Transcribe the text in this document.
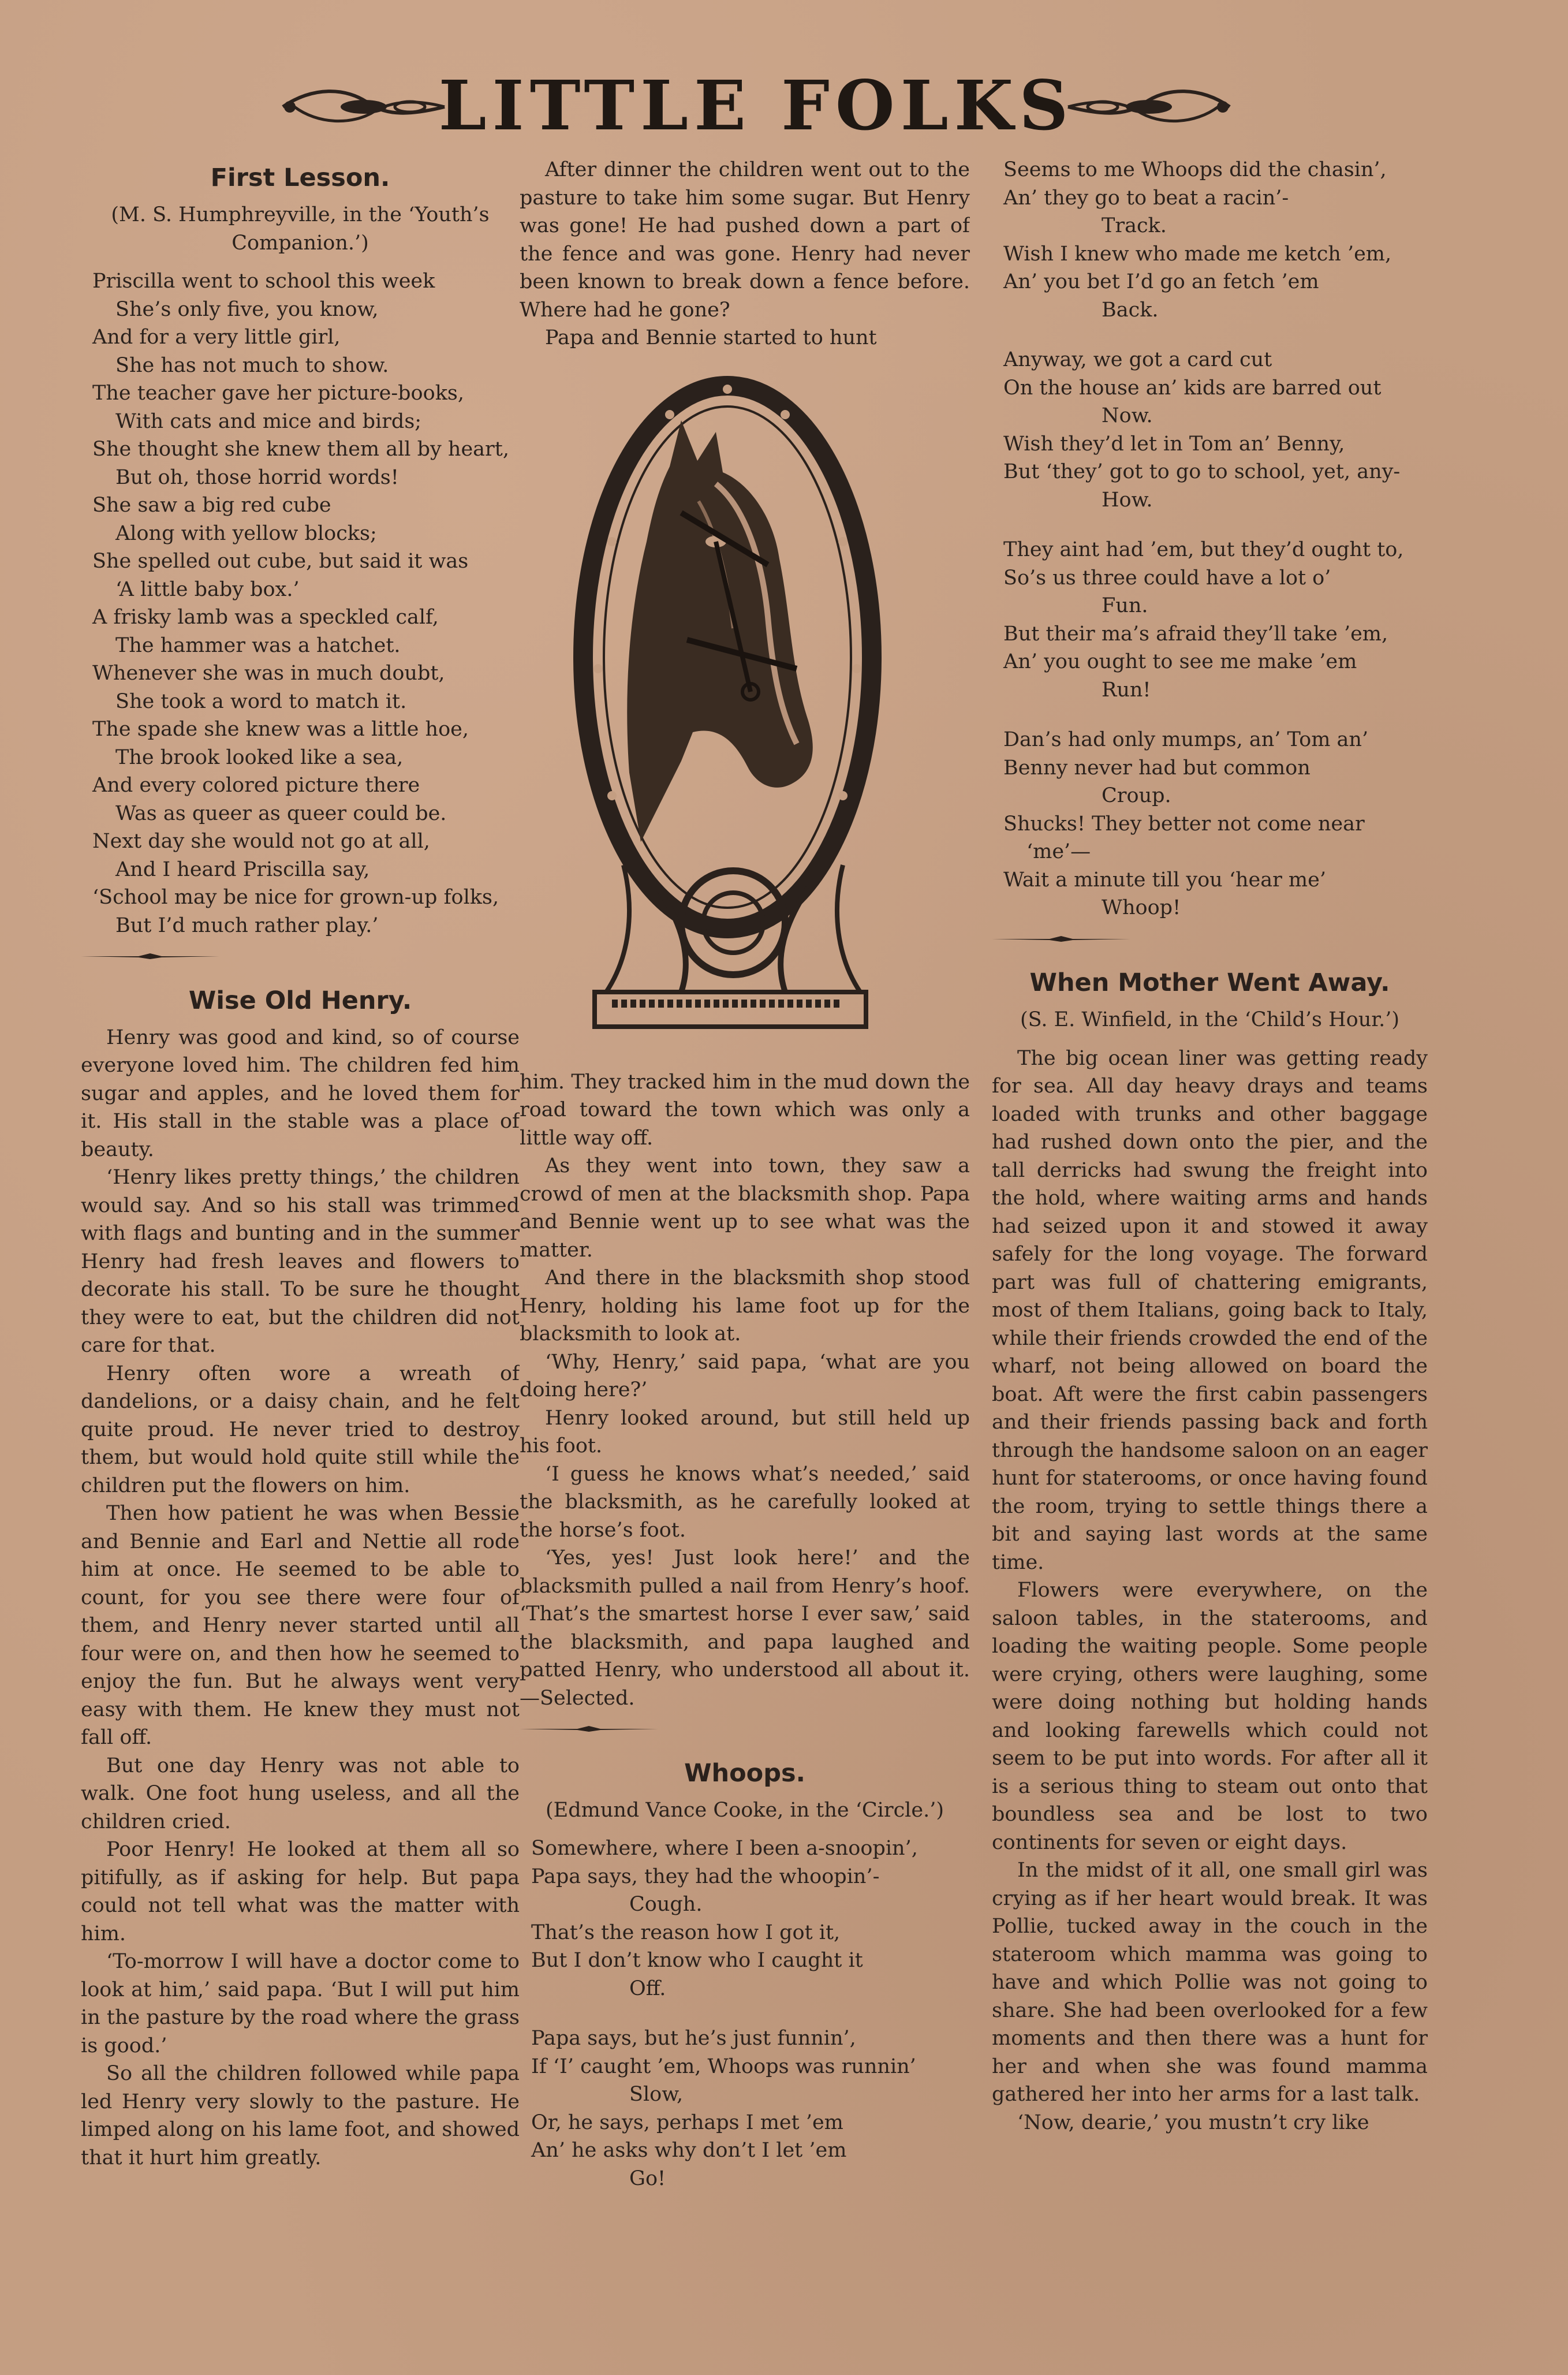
LITTLE FOLKS
First Lesson.
(M. S. Humphreyville, in the ‘Youth’s Companion.’)
Priscilla went to school this week
She’s only five, you know,
And for a very little girl,
She has not much to show.
The teacher gave her picture-books,
With cats and mice and birds;
She thought she knew them all by heart,
But oh, those horrid words!
She saw a big red cube
Along with yellow blocks;
She spelled out cube, but said it was
‘A little baby box.’
A frisky lamb was a speckled calf,
The hammer was a hatchet.
Whenever she was in much doubt,
She took a word to match it.
The spade she knew was a little hoe,
The brook looked like a sea,
And every colored picture there
Was as queer as queer could be.
Next day she would not go at all,
And I heard Priscilla say,
‘School may be nice for grown-up folks,
But I’d much rather play.’
Wise Old Henry.

Henry was good and kind, so of course everyone loved him. The children fed him sugar and apples, and he loved them for it. His stall in the stable was a place of beauty.

‘Henry likes pretty things,’ the children would say. And so his stall was trimmed with flags and bunting and in the summer Henry had fresh leaves and flowers to decorate his stall. To be sure he thought they were to eat, but the children did not care for that.

Henry often wore a wreath of dandelions, or a daisy chain, and he felt quite proud. He never tried to destroy them, but would hold quite still while the children put the flowers on him.

Then how patient he was when Bessie and Bennie and Earl and Nettie all rode him at once. He seemed to be able to count, for you see there were four of them, and Henry never started until all four were on, and then how he seemed to enjoy the fun. But he always went very easy with them. He knew they must not fall off.

But one day Henry was not able to walk. One foot hung useless, and all the children cried.

Poor Henry! He looked at them all so pitifully, as if asking for help. But papa could not tell what was the matter with him.

‘To-morrow I will have a doctor come to look at him,’ said papa. ‘But I will put him in the pasture by the road where the grass is good.’

So all the children followed while papa led Henry very slowly to the pasture. He limped along on his lame foot, and showed that it hurt him greatly.

After dinner the children went out to the pasture to take him some sugar. But Henry was gone! He had pushed down a part of the fence and was gone. Henry had never been known to break down a fence before. Where had he gone?

Papa and Bennie started to hunt

him. They tracked him in the mud down the road toward the town which was only a little way off.

As they went into town, they saw a crowd of men at the blacksmith shop. Papa and Bennie went up to see what was the matter.

And there in the blacksmith shop stood Henry, holding his lame foot up for the blacksmith to look at.

‘Why, Henry,’ said papa, ‘what are you doing here?’

Henry looked around, but still held up his foot.

‘I guess he knows what’s needed,’ said the blacksmith, as he carefully looked at the horse’s foot.

‘Yes, yes! Just look here!’ and the blacksmith pulled a nail from Henry’s hoof. ‘That’s the smartest horse I ever saw,’ said the blacksmith, and papa laughed and patted Henry, who understood all about it.—Selected.

Whoops.
(Edmund Vance Cooke, in the ‘Circle.’)
Somewhere, where I been a-snoopin’,
Papa says, they had the whoopin’-
Cough.
That’s the reason how I got it,
But I don’t know who I caught it
Off.
Papa says, but he’s just funnin’,
If ‘I’ caught ’em, Whoops was runnin’
Slow,
Or, he says, perhaps I met ’em
An’ he asks why don’t I let ’em
Go!
Seems to me Whoops did the chasin’,
An’ they go to beat a racin’-
Track.
Wish I knew who made me ketch ’em,
An’ you bet I’d go an fetch ’em
Back.
Anyway, we got a card cut
On the house an’ kids are barred out
Now.
Wish they’d let in Tom an’ Benny,
But ‘they’ got to go to school, yet, any-
How.
They aint had ’em, but they’d ought to,
So’s us three could have a lot o’
Fun.
But their ma’s afraid they’ll take ’em,
An’ you ought to see me make ’em
Run!
Dan’s had only mumps, an’ Tom an’
Benny never had but common
Croup.
Shucks! They better not come near
‘me’—
Wait a minute till you ‘hear me’
Whoop!
When Mother Went Away.
(S. E. Winfield, in the ‘Child’s Hour.’)

The big ocean liner was getting ready for sea. All day heavy drays and teams loaded with trunks and other baggage had rushed down onto the pier, and the tall derricks had swung the freight into the hold, where waiting arms and hands had seized upon it and stowed it away safely for the long voyage. The forward part was full of chattering emigrants, most of them Italians, going back to Italy, while their friends crowded the end of the wharf, not being allowed on board the boat. Aft were the first cabin passengers and their friends passing back and forth through the handsome saloon on an eager hunt for staterooms, or once having found the room, trying to settle things there a bit and saying last words at the same time.

Flowers were everywhere, on the saloon tables, in the staterooms, and loading the waiting people. Some people were crying, others were laughing, some were doing nothing but holding hands and looking farewells which could not seem to be put into words. For after all it is a serious thing to steam out onto that boundless sea and be lost to two continents for seven or eight days.

In the midst of it all, one small girl was crying as if her heart would break. It was Pollie, tucked away in the couch in the stateroom which mamma was going to have and which Pollie was not going to share. She had been overlooked for a few moments and then there was a hunt for her and when she was found mamma gathered her into her arms for a last talk.

‘Now, dearie,’ you mustn’t cry like
